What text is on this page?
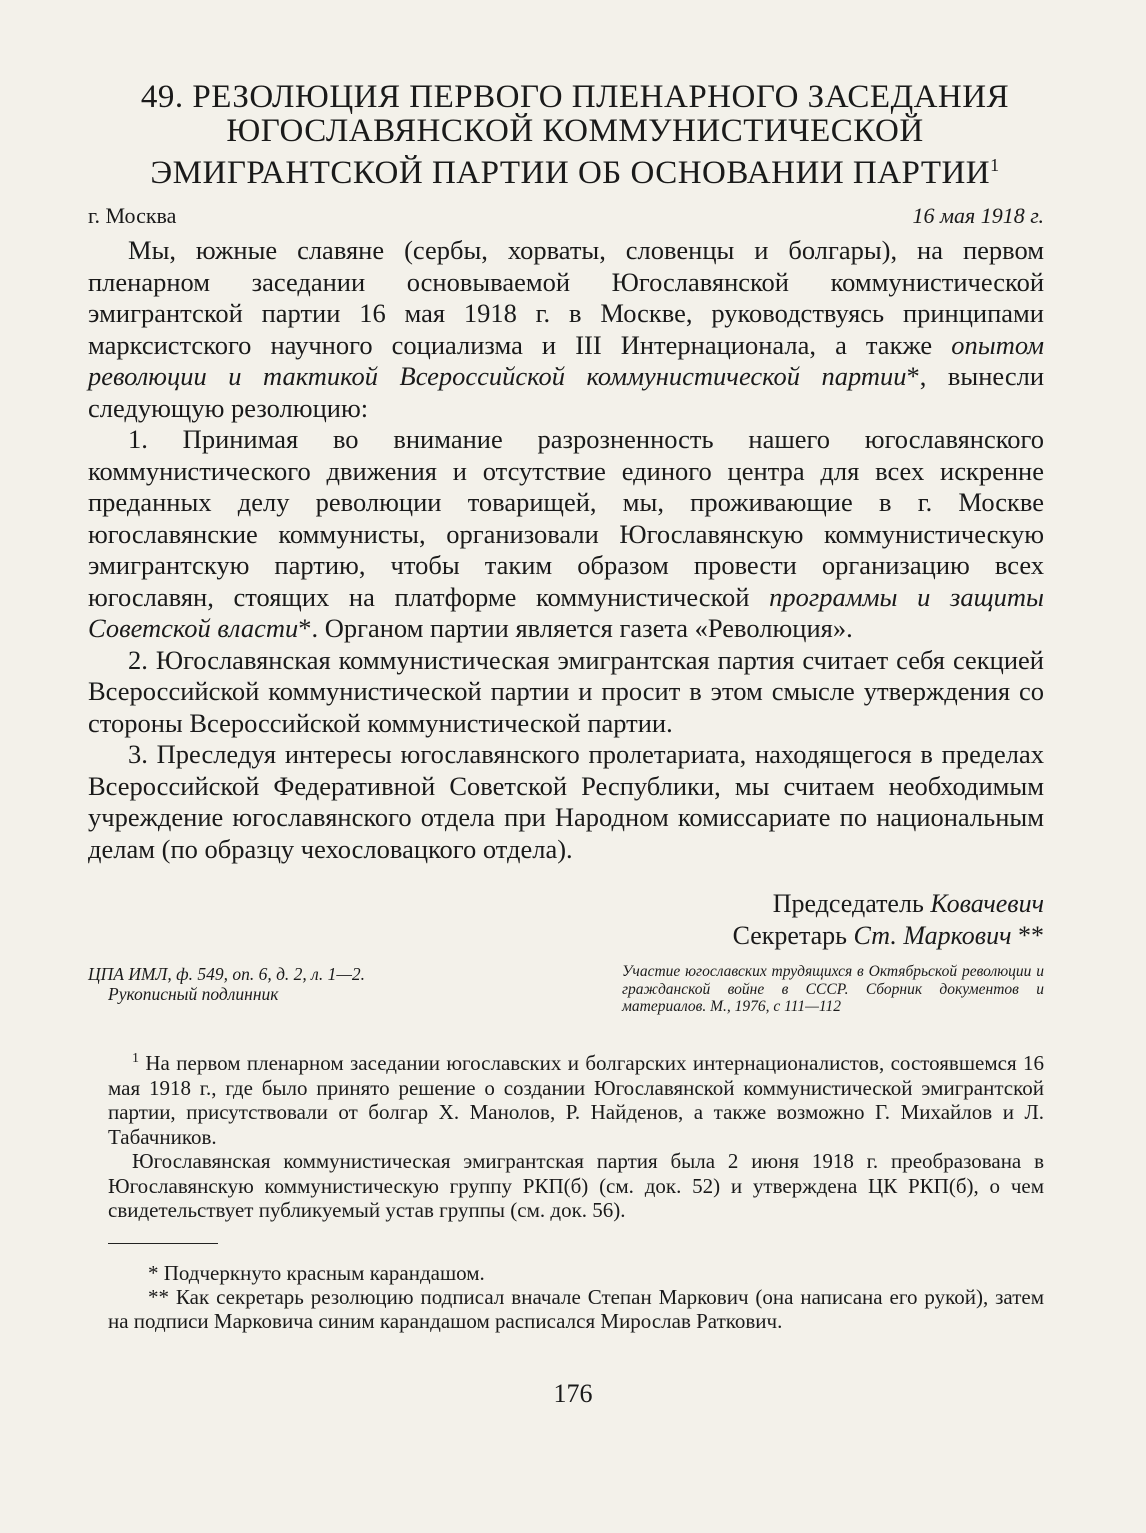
49. РЕЗОЛЮЦИЯ ПЕРВОГО ПЛЕНАРНОГО ЗАСЕДАНИЯ
ЮГОСЛАВЯНСКОЙ КОММУНИСТИЧЕСКОЙ
ЭМИГРАНТСКОЙ ПАРТИИ ОБ ОСНОВАНИИ ПАРТИИ$^1$
г. Москва	16 мая 1918 г.

Мы, южные славяне (сербы, хорваты, словенцы и болгары), на первом пленарном заседании основываемой Югославянской коммунистической эмигрантской партии 16 мая 1918 г. в Москве, руководствуясь принципами марксистского научного социализма и III Интернационала, а также опытом революции и тактикой Всероссийской коммунистической партии*, вынесли следующую резолюцию:

1. Принимая во внимание разрозненность нашего югославянского коммунистического движения и отсутствие единого центра для всех искренне преданных делу революции товарищей, мы, проживающие в г. Москве югославянские коммунисты, организовали Югославянскую коммунистическую эмигрантскую партию, чтобы таким образом провести организацию всех югославян, стоящих на платформе коммунистической программы и защиты Советской власти*. Органом партии является газета «Революция».

2. Югославянская коммунистическая эмигрантская партия считает себя секцией Всероссийской коммунистической партии и просит в этом смысле утверждения со стороны Всероссийской коммунистической партии.

3. Преследуя интересы югославянского пролетариата, находящегося в пределах Всероссийской Федеративной Советской Республики, мы считаем необходимым учреждение югославянского отдела при Народном комиссариате по национальным делам (по образцу чехословацкого отдела).

Председатель Ковачевич
Секретарь Ст. Маркович **
ЦПА ИМЛ, ф. 549, оп. 6, д. 2, л. 1—2.
Рукописный подлинник
Участие югославских трудящихся в Октябрьской революции и гражданской войне в СССР. Сборник документов и материалов. М., 1976, с 111—112

$^1$ На первом пленарном заседании югославских и болгарских интернационалистов, состоявшемся 16 мая 1918 г., где было принято решение о создании Югославянской коммунистической эмигрантской партии, присутствовали от болгар Х. Манолов, Р. Найденов, а также возможно Г. Михайлов и Л. Табачников.

Югославянская коммунистическая эмигрантская партия была 2 июня 1918 г. преобразована в Югославянскую коммунистическую группу РКП(б) (см. док. 52) и утверждена ЦК РКП(б), о чем свидетельствует публикуемый устав группы (см. док. 56).

* Подчеркнуто красным карандашом.

** Как секретарь резолюцию подписал вначале Степан Маркович (она написана его рукой), затем на подписи Марковича синим карандашом расписался Мирослав Раткович.

176
